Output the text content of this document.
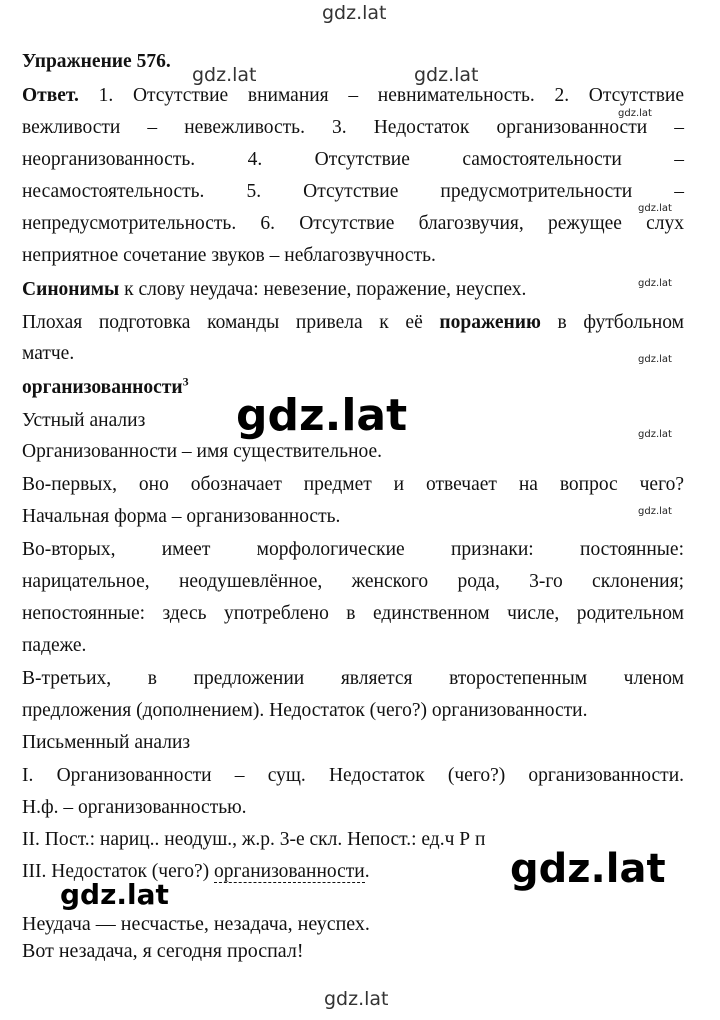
gdz.lat
gdz.lat	gdz.lat
gdz.lat
gdz.lat
gdz.lat
gdz.lat
gdz.lat
gdz.lat
Упражнение 576.
Ответ. 1. Отсутствие внимания – невнимательность. 2. Отсутствие
вежливости – невежливость. 3. Недостаток организованности –
неорганизованность. 4. Отсутствие самостоятельности –
несамостоятельность. 5. Отсутствие предусмотрительности –
непредусмотрительность. 6. Отсутствие благозвучия, режущее слух
неприятное сочетание звуков – неблагозвучность.
Синонимы к слову неудача: невезение, поражение, неуспех.
Плохая подготовка команды привела к её поражению в футбольном
матче.
организованности$^3$
gdz.lat
Устный анализ
Организованности – имя существительное.
Во-первых, оно обозначает предмет и отвечает на вопрос чего?
Начальная форма – организованность.
Во-вторых, имеет морфологические признаки: постоянные:
нарицательное, неодушевлённое, женского рода, 3-го склонения;
непостоянные: здесь употреблено в единственном числе, родительном
падеже.
В-третьих, в предложении является второстепенным членом
предложения (дополнением). Недостаток (чего?) организованности.
Письменный анализ
I. Организованности – сущ. Недостаток (чего?) организованности.
Н.ф. – организованностью.
II. Пост.: нариц.. неодуш., ж.р. 3-е скл. Непост.: ед.ч Р п
III. Недостаток (чего?) организованности.	gdz.lat
gdz.lat
Неудача — несчастье, незадача, неуспех.
Вот незадача, я сегодня проспал!
gdz.lat
